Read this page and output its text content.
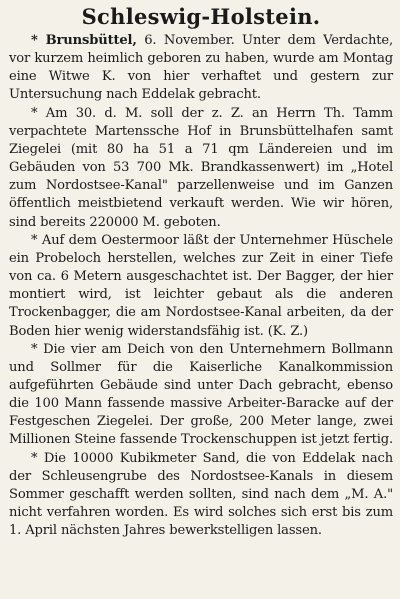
Schleswig-Holstein.

* Brunsbüttel, 6. November. Unter dem Verdachte, vor kurzem heimlich geboren zu haben, wurde am Montag eine Witwe K. von hier verhaftet und gestern zur Untersuchung nach Eddelak gebracht.

* Am 30. d. M. soll der z. Z. an Herrn Th. Tamm verpachtete Martenssche Hof in Brunsbüttelhafen samt Ziegelei (mit 80 ha 51 a 71 qm Ländereien und im Gebäuden von 53 700 Mk. Brandkassenwert) im „Hotel zum Nordostsee-Kanal" parzellenweise und im Ganzen öffentlich meistbietend verkauft werden. Wie wir hören, sind bereits 220000 M. geboten.

* Auf dem Oestermoor läßt der Unternehmer Hüschele ein Probeloch herstellen, welches zur Zeit in einer Tiefe von ca. 6 Metern ausgeschachtet ist. Der Bagger, der hier montiert wird, ist leichter gebaut als die anderen Trockenbagger, die am Nordostsee-Kanal arbeiten, da der Boden hier wenig widerstandsfähig ist. (K. Z.)

* Die vier am Deich von den Unternehmern Bollmann und Sollmer für die Kaiserliche Kanalkommission aufgeführten Gebäude sind unter Dach gebracht, ebenso die 100 Mann fassende massive Arbeiter-Baracke auf der Festgeschen Ziegelei. Der große, 200 Meter lange, zwei Millionen Steine fassende Trockenschuppen ist jetzt fertig.

* Die 10000 Kubikmeter Sand, die von Eddelak nach der Schleusengrube des Nordostsee-Kanals in diesem Sommer geschafft werden sollten, sind nach dem „M. A." nicht verfahren worden. Es wird solches sich erst bis zum 1. April nächsten Jahres bewerkstelligen lassen.
